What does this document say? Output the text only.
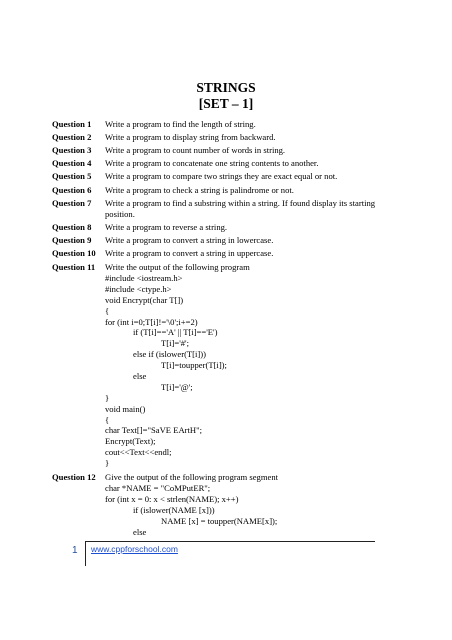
STRINGS
[SET – 1]
Question 1 Write a program to find the length of string.
Question 2 Write a program to display string from backward.
Question 3 Write a program to count number of words in string.
Question 4 Write a program to concatenate one string contents to another.
Question 5 Write a program to compare two strings they are exact equal or not.
Question 6 Write a program to check a string is palindrome or not.
Question 7 Write a program to find a substring within a string. If found display its starting position.
Question 8 Write a program to reverse a string.
Question 9 Write a program to convert a string in lowercase.
Question 10 Write a program to convert a string in uppercase.
Question 11 Write the output of the following program
#include <iostream.h>
#include <ctype.h>
void Encrypt(char T[])
{
for (int i=0;T[i]!='\0';i+=2)
if (T[i]=='A' || T[i]=='E')
T[i]='#';
else if (islower(T[i]))
T[i]=toupper(T[i]);
else
T[i]='@';
}
void main()
{
char Text[]="SaVE EArtH";
Encrypt(Text);
cout<<Text<<endl;
}
Question 12 Give the output of the following program segment
char *NAME = "CoMPutER";
for (int x = 0: x < strlen(NAME); x++)
if (islower(NAME [x]))
NAME [x] = toupper(NAME[x]);
else
1 www.cppforschool.com
